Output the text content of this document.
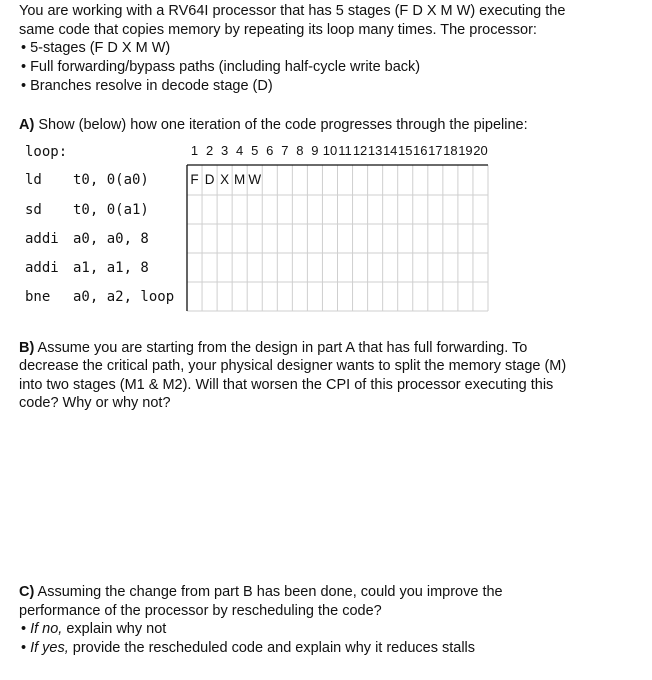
You are working with a RV64I processor that has 5 stages (F D X M W) executing the
same code that copies memory by repeating its loop many times. The processor:
• 5-stages (F D X M W)
• Full forwarding/bypass paths (including half-cycle write back)
• Branches resolve in decode stage (D)
A) Show (below) how one iteration of the code progresses through the pipeline:
loop:	1 2 3 4 5 6 7 8 9 10 11 12 13 14 15 16 17 18 19 20
ld t0, 0(a0)
sd t0, 0(a1)
addi a0, a0, 8
addi a1, a1, 8
bne a0, a2, loop
F D X M W
B) Assume you are starting from the design in part A that has full forwarding. To
decrease the critical path, your physical designer wants to split the memory stage (M)
into two stages (M1 & M2). Will that worsen the CPI of this processor executing this
code? Why or why not?
C) Assuming the change from part B has been done, could you improve the
performance of the processor by rescheduling the code?
• If no, explain why not
• If yes, provide the rescheduled code and explain why it reduces stalls
